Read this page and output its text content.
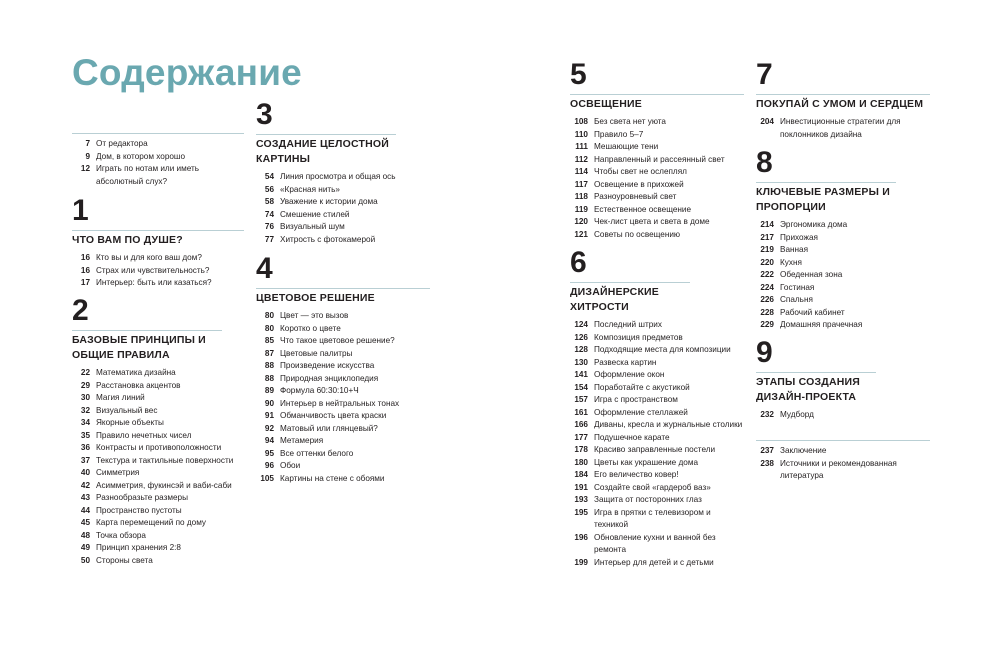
Содержание
7 От редактора
9 Дом, в котором хорошо
12 Играть по нотам или иметь абсолютный слух?
1
ЧТО ВАМ ПО ДУШЕ?
16 Кто вы и для кого ваш дом?
16 Страх или чувствительность?
17 Интерьер: быть или казаться?
2
БАЗОВЫЕ ПРИНЦИПЫ И ОБЩИЕ ПРАВИЛА
22 Математика дизайна
29 Расстановка акцентов
30 Магия линий
32 Визуальный вес
34 Якорные объекты
35 Правило нечетных чисел
36 Контрасты и противоположности
37 Текстура и тактильные поверхности
40 Симметрия
42 Асимметрия, фукинсэй и ваби-саби
43 Разнообразьте размеры
44 Пространство пустоты
45 Карта перемещений по дому
48 Точка обзора
49 Принцип хранения 2:8
50 Стороны света
3
СОЗДАНИЕ ЦЕЛОСТНОЙ КАРТИНЫ
54 Линия просмотра и общая ось
56 «Красная нить»
58 Уважение к истории дома
74 Смешение стилей
76 Визуальный шум
77 Хитрость с фотокамерой
4
ЦВЕТОВОЕ РЕШЕНИЕ
80 Цвет — это вызов
80 Коротко о цвете
85 Что такое цветовое решение?
87 Цветовые палитры
88 Произведение искусства
88 Природная энциклопедия
89 Формула 60:30:10+Ч
90 Интерьер в нейтральных тонах
91 Обманчивость цвета краски
92 Матовый или глянцевый?
94 Метамерия
95 Все оттенки белого
96 Обои
105 Картины на стене с обоями
5
ОСВЕЩЕНИЕ
108 Без света нет уюта
110 Правило 5–7
111 Мешающие тени
112 Направленный и рассеянный свет
114 Чтобы свет не ослеплял
117 Освещение в прихожей
118 Разноуровневый свет
119 Естественное освещение
120 Чек-лист цвета и света в доме
121 Советы по освещению
6
ДИЗАЙНЕРСКИЕ ХИТРОСТИ
124 Последний штрих
126 Композиция предметов
128 Подходящие места для композиции
130 Развеска картин
141 Оформление окон
154 Поработайте с акустикой
157 Игра с пространством
161 Оформление стеллажей
166 Диваны, кресла и журнальные столики
177 Подушечное карате
178 Красиво заправленные постели
180 Цветы как украшение дома
184 Его величество ковер!
191 Создайте свой «гардероб ваз»
193 Защита от посторонних глаз
195 Игра в прятки с телевизором и техникой
196 Обновление кухни и ванной без ремонта
199 Интерьер для детей и с детьми
7
ПОКУПАЙ С УМОМ И СЕРДЦЕМ
204 Инвестиционные стратегии для поклонников дизайна
8
КЛЮЧЕВЫЕ РАЗМЕРЫ И ПРОПОРЦИИ
214 Эргономика дома
217 Прихожая
219 Ванная
220 Кухня
222 Обеденная зона
224 Гостиная
226 Спальня
228 Рабочий кабинет
229 Домашняя прачечная
9
ЭТАПЫ СОЗДАНИЯ ДИЗАЙН-ПРОЕКТА
232 Мудборд
237 Заключение
238 Источники и рекомендованная литература
